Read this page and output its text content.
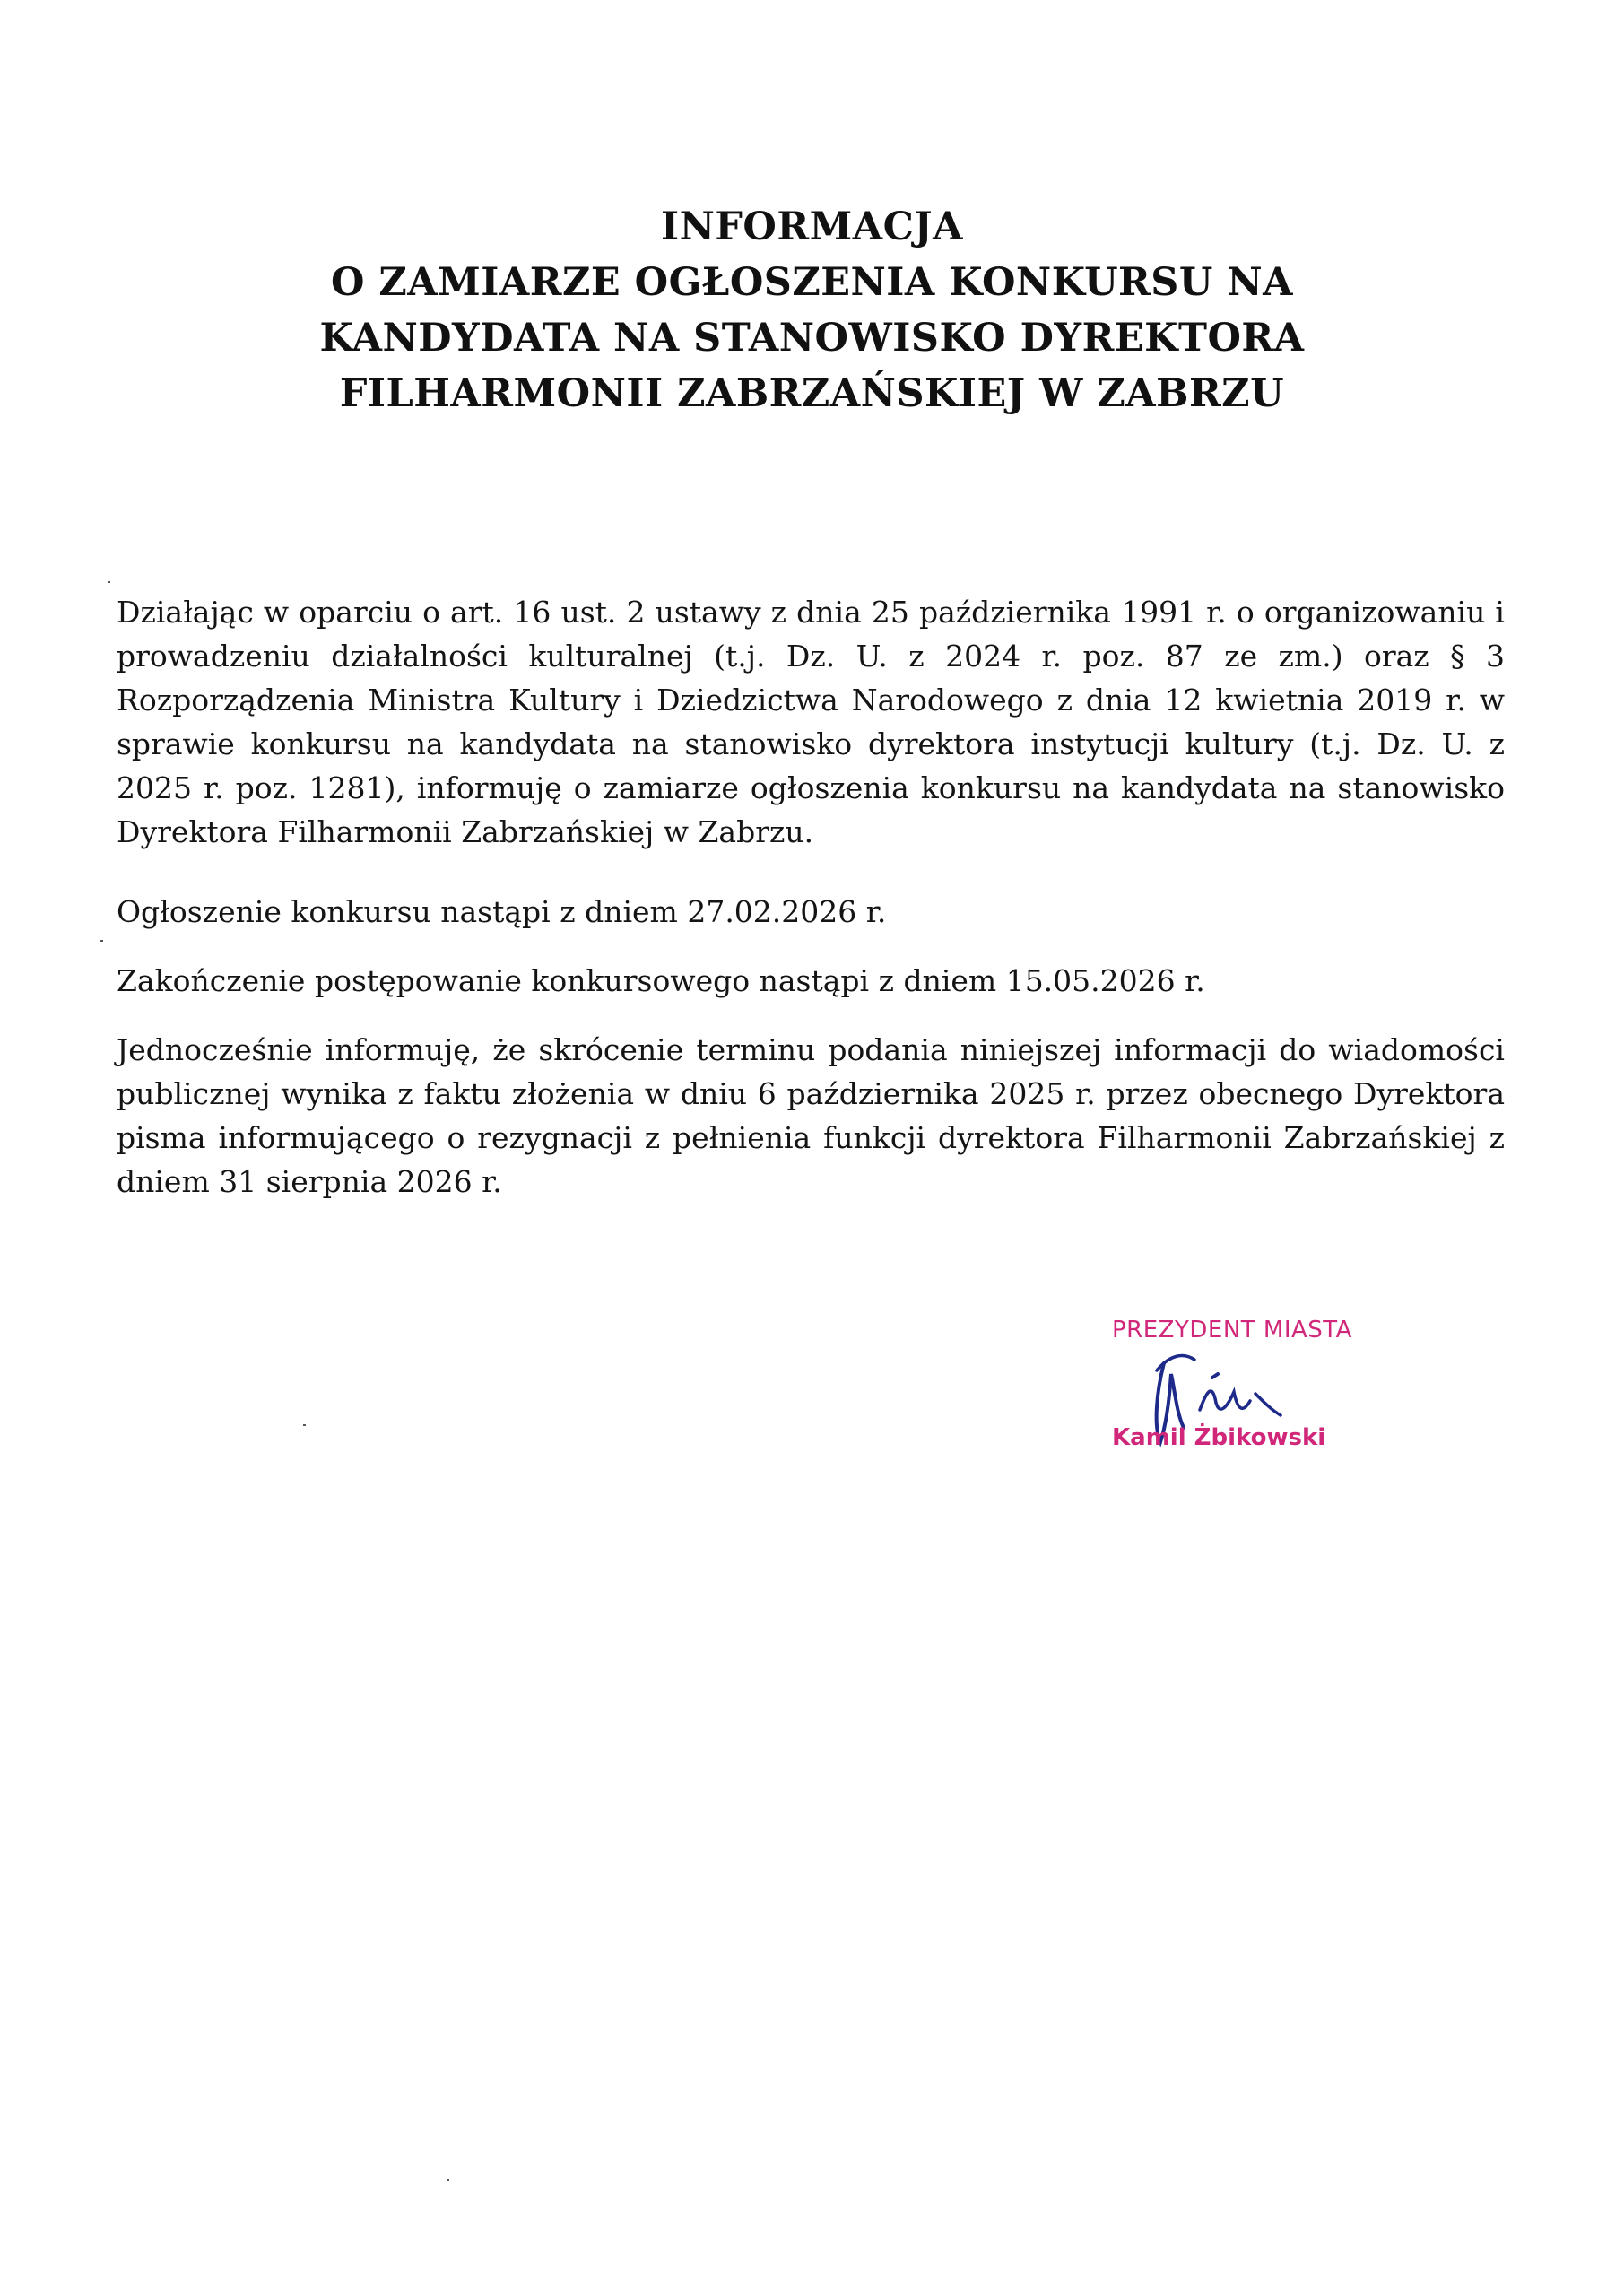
INFORMACJA
O ZAMIARZE OGŁOSZENIA KONKURSU NA
KANDYDATA NA STANOWISKO DYREKTORA
FILHARMONII ZABRZAŃSKIEJ W ZABRZU
Działając w oparciu o art. 16 ust. 2 ustawy z dnia 25 października 1991 r. o organizowaniu i prowadzeniu działalności kulturalnej (t.j. Dz. U. z 2024 r. poz. 87 ze zm.) oraz § 3 Rozporządzenia Ministra Kultury i Dziedzictwa Narodowego z dnia 12 kwietnia 2019 r. w sprawie konkursu na kandydata na stanowisko dyrektora instytucji kultury (t.j. Dz. U. z 2025 r. poz. 1281), informuję o zamiarze ogłoszenia konkursu na kandydata na stanowisko Dyrektora Filharmonii Zabrzańskiej w Zabrzu.
Ogłoszenie konkursu nastąpi z dniem 27.02.2026 r.
Zakończenie postępowanie konkursowego nastąpi z dniem 15.05.2026 r.
Jednocześnie informuję, że skrócenie terminu podania niniejszej informacji do wiadomości publicznej wynika z faktu złożenia w dniu 6 października 2025 r. przez obecnego Dyrektora pisma informującego o rezygnacji z pełnienia funkcji dyrektora Filharmonii Zabrzańskiej z dniem 31 sierpnia 2026 r.
PREZYDENT MIASTA
Kamil Żbikowski
